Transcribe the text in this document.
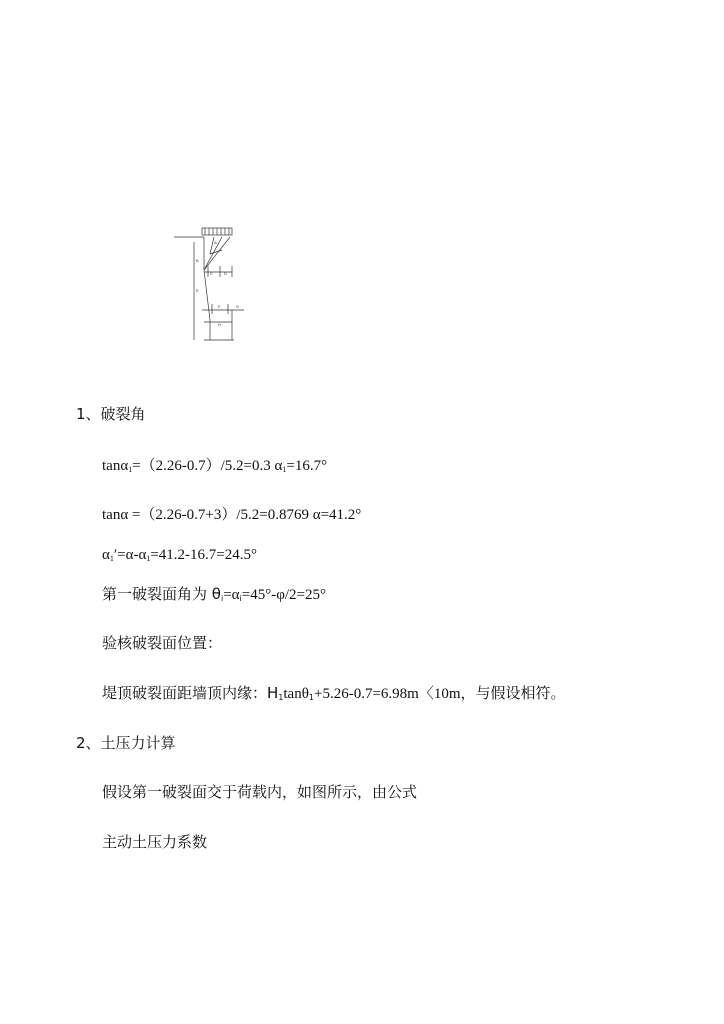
A
B
C	D
E
F	G
H
1、破裂角
tanα$_1$=（2.26-0.7）/5.2=0.3 $\alpha_1=16.7^\circ$
tanα =（2.26-0.7+3）/5.2=0.8769 α=41.2°
$\alpha_1'=\alpha-\alpha_1=41.2-16.7=24.5^\circ$
第一破裂面角为 $\theta_i=\alpha_i=45^\circ-\varphi/2=25^\circ$
验核破裂面位置：
堤顶破裂面距墙顶内缘：$H_1\tan\theta_1+5.26-0.7=6.98m$〈10m，与假设相符。
2、土压力计算
假设第一破裂面交于荷载内，如图所示，由公式
主动土压力系数
